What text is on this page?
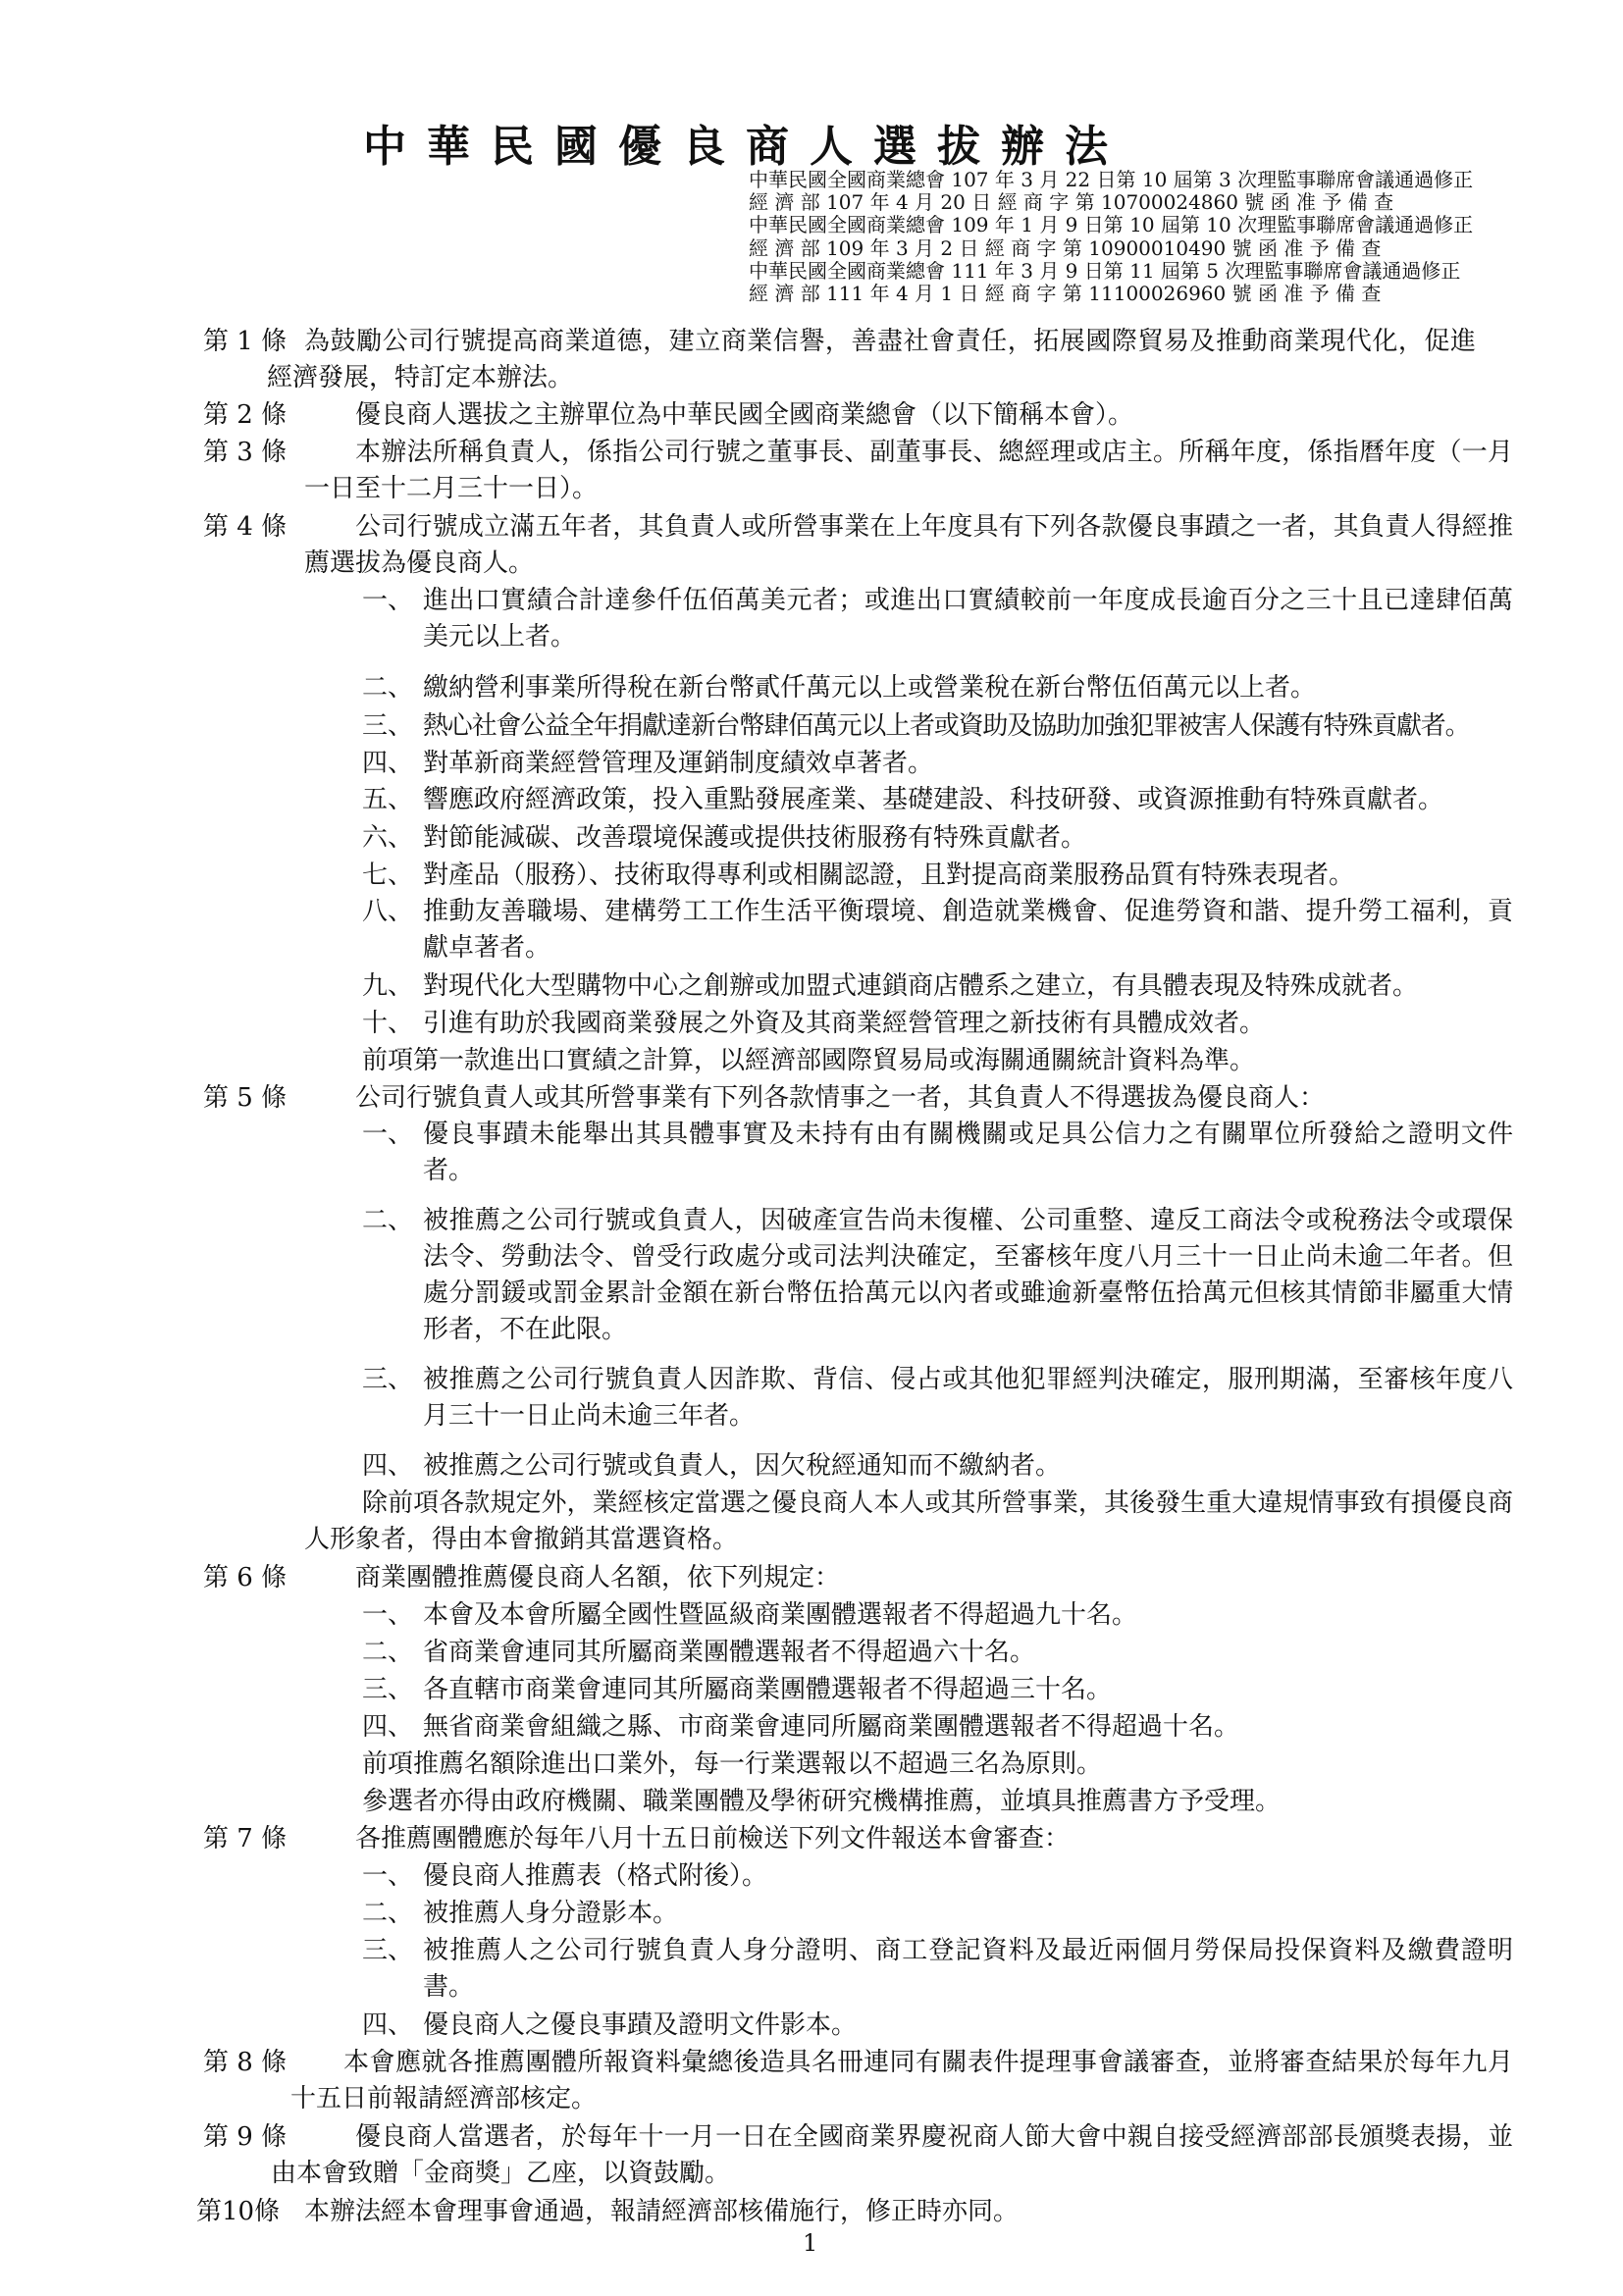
中華民國優良商人選拔辦法
中華民國全國商業總會 107 年 3 月 22 日第 10 屆第 3 次理監事聯席會議通過修正
經 濟 部 107 年 4 月 20 日 經 商 字 第 10700024860 號 函 准 予 備 查
中華民國全國商業總會 109 年 1 月 9 日第 10 屆第 10 次理監事聯席會議通過修正
經 濟 部 109 年 3 月 2 日 經 商 字 第 10900010490 號 函 准 予 備 查
中華民國全國商業總會 111 年 3 月 9 日第 11 屆第 5 次理監事聯席會議通過修正
經 濟 部 111 年 4 月 1 日 經 商 字 第 11100026960 號 函 准 予 備 查
第 1 條 為鼓勵公司行號提高商業道德，建立商業信譽，善盡社會責任，拓展國際貿易及推動商業現代化，促進經濟發展，特訂定本辦法。
第 2 條	優良商人選拔之主辦單位為中華民國全國商業總會（以下簡稱本會）。
第 3 條	本辦法所稱負責人，係指公司行號之董事長、副董事長、總經理或店主。所稱年度，係指曆年度（一月一日至十二月三十一日）。
第 4 條	公司行號成立滿五年者，其負責人或所營事業在上年度具有下列各款優良事蹟之一者，其負責人得經推薦選拔為優良商人。
一、 進出口實績合計達參仟伍佰萬美元者；或進出口實績較前一年度成長逾百分之三十且已達肆佰萬美元以上者。
二、 繳納營利事業所得稅在新台幣貳仟萬元以上或營業稅在新台幣伍佰萬元以上者。
三、 熱心社會公益全年捐獻達新台幣肆佰萬元以上者或資助及協助加強犯罪被害人保護有特殊貢獻者。
四、 對革新商業經營管理及運銷制度績效卓著者。
五、 響應政府經濟政策，投入重點發展產業、基礎建設、科技研發、或資源推動有特殊貢獻者。
六、 對節能減碳、改善環境保護或提供技術服務有特殊貢獻者。
七、 對產品（服務）、技術取得專利或相關認證，且對提高商業服務品質有特殊表現者。
八、 推動友善職場、建構勞工工作生活平衡環境、創造就業機會、促進勞資和諧、提升勞工福利，貢獻卓著者。
九、 對現代化大型購物中心之創辦或加盟式連鎖商店體系之建立，有具體表現及特殊成就者。
十、 引進有助於我國商業發展之外資及其商業經營管理之新技術有具體成效者。
前項第一款進出口實績之計算，以經濟部國際貿易局或海關通關統計資料為準。
第 5 條	公司行號負責人或其所營事業有下列各款情事之一者，其負責人不得選拔為優良商人：
一、 優良事蹟未能舉出其具體事實及未持有由有關機關或足具公信力之有關單位所發給之證明文件者。
二、 被推薦之公司行號或負責人，因破產宣告尚未復權、公司重整、違反工商法令或稅務法令或環保法令、勞動法令、曾受行政處分或司法判決確定，至審核年度八月三十一日止尚未逾二年者。但處分罰鍰或罰金累計金額在新台幣伍拾萬元以內者或雖逾新臺幣伍拾萬元但核其情節非屬重大情形者，不在此限。
三、 被推薦之公司行號負責人因詐欺、背信、侵占或其他犯罪經判決確定，服刑期滿，至審核年度八月三十一日止尚未逾三年者。
四、 被推薦之公司行號或負責人，因欠稅經通知而不繳納者。
除前項各款規定外，業經核定當選之優良商人本人或其所營事業，其後發生重大違規情事致有損優良商人形象者，得由本會撤銷其當選資格。
第 6 條	商業團體推薦優良商人名額，依下列規定：
一、 本會及本會所屬全國性暨區級商業團體選報者不得超過九十名。
二、 省商業會連同其所屬商業團體選報者不得超過六十名。
三、 各直轄市商業會連同其所屬商業團體選報者不得超過三十名。
四、 無省商業會組織之縣、市商業會連同所屬商業團體選報者不得超過十名。
前項推薦名額除進出口業外，每一行業選報以不超過三名為原則。
參選者亦得由政府機關、職業團體及學術研究機構推薦，並填具推薦書方予受理。
第 7 條	各推薦團體應於每年八月十五日前檢送下列文件報送本會審查：
一、 優良商人推薦表（格式附後）。
二、 被推薦人身分證影本。
三、 被推薦人之公司行號負責人身分證明、商工登記資料及最近兩個月勞保局投保資料及繳費證明書。
四、 優良商人之優良事蹟及證明文件影本。
第 8 條	本會應就各推薦團體所報資料彙總後造具名冊連同有關表件提理事會議審查，並將審查結果於每年九月十五日前報請經濟部核定。
第 9 條	優良商人當選者，於每年十一月一日在全國商業界慶祝商人節大會中親自接受經濟部部長頒獎表揚，並由本會致贈「金商獎」乙座，以資鼓勵。
第10條 本辦法經本會理事會通過，報請經濟部核備施行，修正時亦同。
1
